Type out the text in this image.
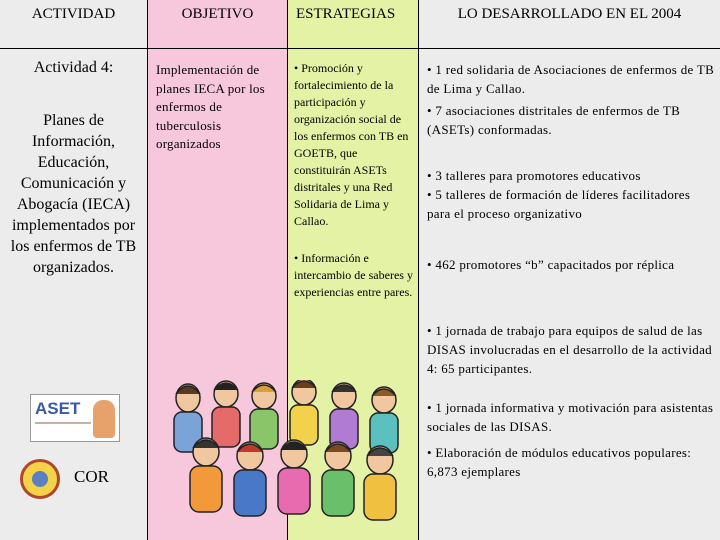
ACTIVIDAD
Actividad 4:
Planes de Información, Educación, Comunicación y Abogacía (IECA) implementados por los enfermos de TB organizados.
ASET
COR
OBJETIVO
Implementación de planes IECA por los enfermos de tuberculosis organizados
ESTRATEGIAS
• Promoción y fortalecimiento de la participación y organización social de los enfermos con TB en GOETB, que constituirán ASETs distritales y una Red Solidaria de Lima y Callao.
• Información e intercambio de saberes y experiencias entre pares.
LO DESARROLLADO EN EL 2004
• 1 red solidaria de Asociaciones de enfermos de TB de Lima y Callao.
• 7 asociaciones distritales de enfermos de TB (ASETs) conformadas.
• 3 talleres para promotores educativos
• 5 talleres de formación de líderes facilitadores para el proceso organizativo
• 462 promotores “b” capacitados por réplica
• 1 jornada de trabajo para equipos de salud de las DISAS involucradas en el desarrollo de la actividad 4: 65 participantes.
• 1 jornada informativa y motivación para asistentas sociales de las DISAS.
• Elaboración de módulos educativos populares: 6,873 ejemplares
